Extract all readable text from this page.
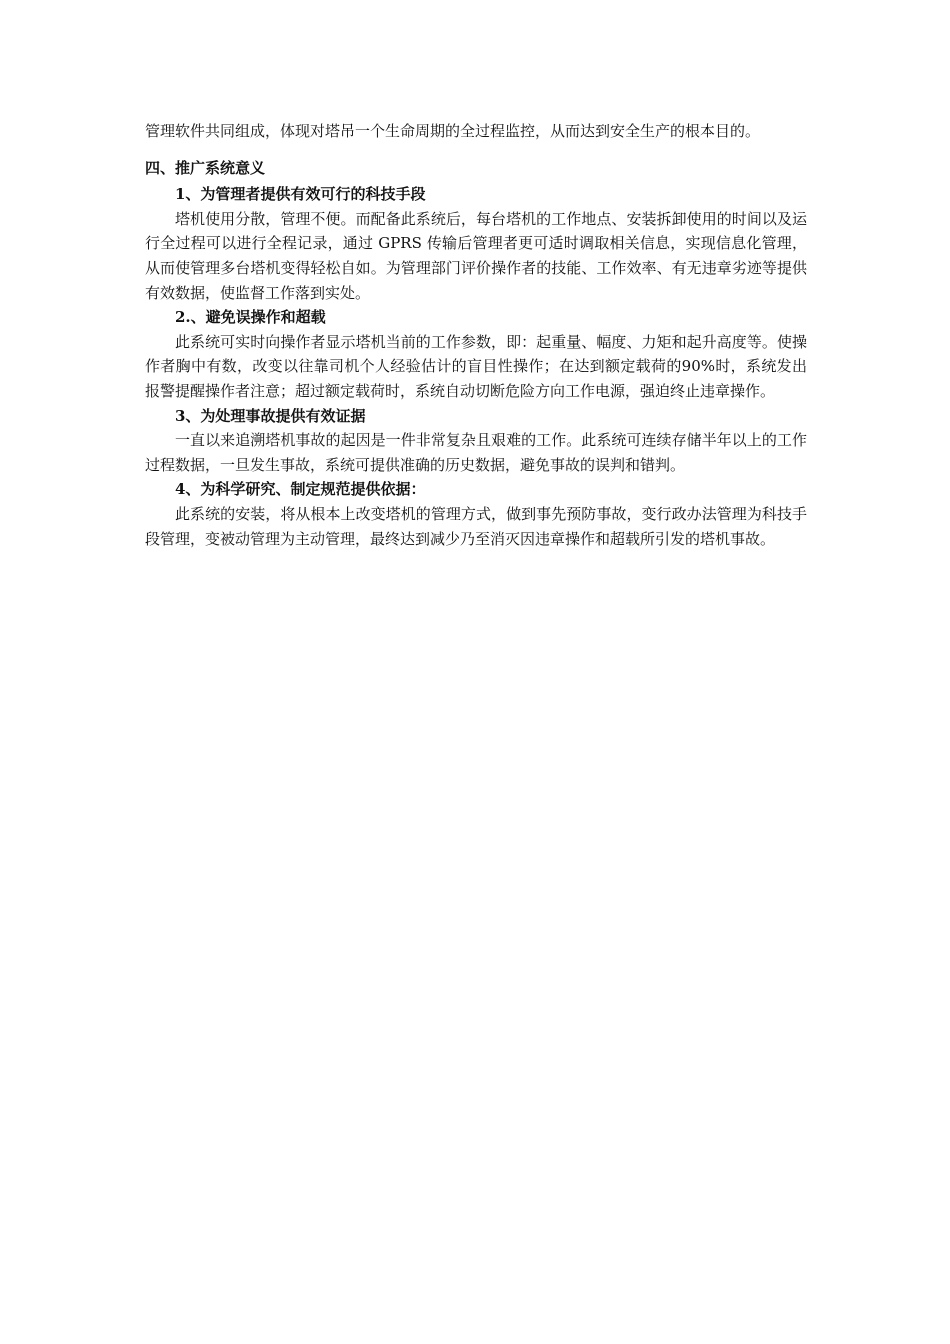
管理软件共同组成，体现对塔吊一个生命周期的全过程监控，从而达到安全生产的根本目的。

四、推广系统意义

1、为管理者提供有效可行的科技手段

塔机使用分散，管理不便。而配备此系统后，每台塔机的工作地点、安装拆卸使用的时间以及运行全过程可以进行全程记录，通过 GPRS 传输后管理者更可适时调取相关信息，实现信息化管理，从而使管理多台塔机变得轻松自如。为管理部门评价操作者的技能、工作效率、有无违章劣迹等提供有效数据，使监督工作落到实处。

2.、避免误操作和超载

此系统可实时向操作者显示塔机当前的工作参数，即：起重量、幅度、力矩和起升高度等。使操作者胸中有数，改变以往靠司机个人经验估计的盲目性操作；在达到额定载荷的90%时，系统发出报警提醒操作者注意；超过额定载荷时，系统自动切断危险方向工作电源，强迫终止违章操作。

3、为处理事故提供有效证据

一直以来追溯塔机事故的起因是一件非常复杂且艰难的工作。此系统可连续存储半年以上的工作过程数据，一旦发生事故，系统可提供准确的历史数据，避免事故的误判和错判。

4、为科学研究、制定规范提供依据：

此系统的安装，将从根本上改变塔机的管理方式，做到事先预防事故，变行政办法管理为科技手段管理，变被动管理为主动管理，最终达到减少乃至消灭因违章操作和超载所引发的塔机事故。
